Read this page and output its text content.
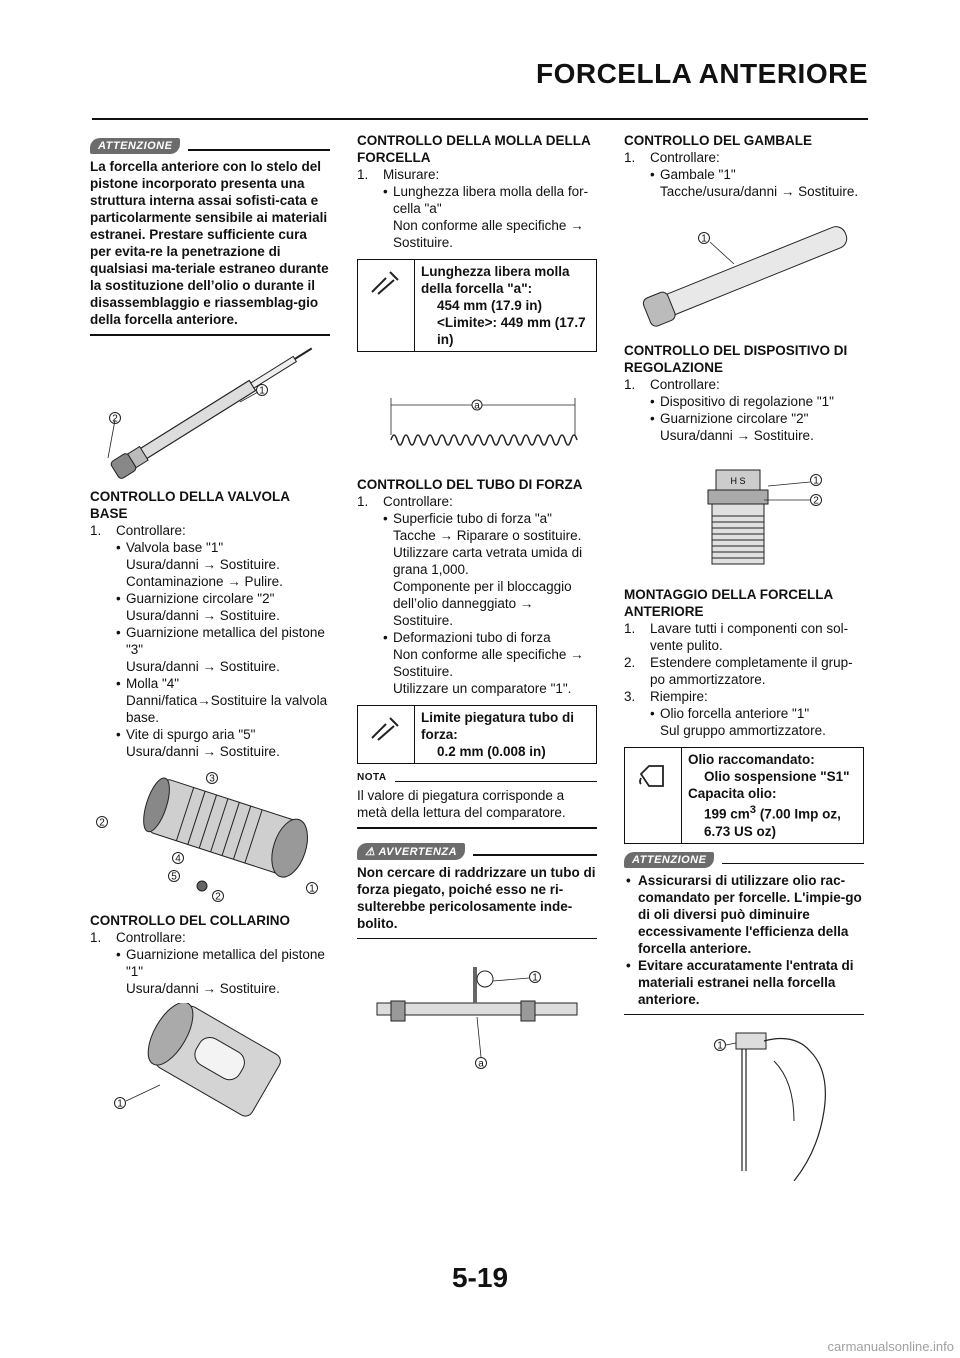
FORCELLA ANTERIORE
ATTENZIONE
La forcella anteriore con lo stelo del pistone incorporato presenta una struttura interna assai sofisti-cata e particolarmente sensibile ai materiali estranei. Prestare sufficiente cura per evita-re la penetrazione di qualsiasi ma-teriale estraneo durante la sostituzione dell’olio o durante il disassemblaggio e riassemblag-gio della forcella anteriore.
2
1
CONTROLLO DELLA VALVOLA BASE
1. Controllare:
• Valvola base "1"
Usura/danni → Sostituire.
Contaminazione → Pulire.
• Guarnizione circolare "2"
Usura/danni → Sostituire.
• Guarnizione metallica del pistone "3"
Usura/danni → Sostituire.
• Molla "4"
Danni/fatica→Sostituire la valvola base.
• Vite di spurgo aria "5"
Usura/danni → Sostituire.
2
3
4
5
2
1
CONTROLLO DEL COLLARINO
1. Controllare:
• Guarnizione metallica del pistone "1"
Usura/danni → Sostituire.
1
CONTROLLO DELLA MOLLA DELLA FORCELLA
1. Misurare:
• Lunghezza libera molla della for-cella "a"
Non conforme alle specifiche → Sostituire.
Lunghezza libera molla della forcella "a":
454 mm (17.9 in)
<Limite>: 449 mm (17.7 in)
a
CONTROLLO DEL TUBO DI FORZA
1. Controllare:
• Superficie tubo di forza "a"
Tacche → Riparare o sostituire.
Utilizzare carta vetrata umida di grana 1,000.
Componente per il bloccaggio dell’olio danneggiato → Sostituire.
• Deformazioni tubo di forza
Non conforme alle specifiche → Sostituire.
Utilizzare un comparatore "1".
Limite piegatura tubo di forza:
0.2 mm (0.008 in)
NOTA
Il valore di piegatura corrisponde a metà della lettura del comparatore.
⚠ AVVERTENZA
Non cercare di raddrizzare un tubo di forza piegato, poiché esso ne ri-sulterebbe pericolosamente inde-bolito.
1
a
CONTROLLO DEL GAMBALE
1. Controllare:
• Gambale "1"
Tacche/usura/danni → Sostituire.
1
CONTROLLO DEL DISPOSITIVO DI REGOLAZIONE
1. Controllare:
• Dispositivo di regolazione "1"
• Guarnizione circolare "2"
Usura/danni → Sostituire.
H S	1
2
MONTAGGIO DELLA FORCELLA ANTERIORE
1. Lavare tutti i componenti con sol-vente pulito.
2. Estendere completamente il grup-po ammortizzatore.
3. Riempire:
• Olio forcella anteriore "1"
Sul gruppo ammortizzatore.
Olio raccomandato:
Olio sospensione "S1"
Capacita olio:
199 $cm^3$ (7.00 Imp oz, 6.73 US oz)
ATTENZIONE
• Assicurarsi di utilizzare olio rac-comandato per forcelle. L'impie-go di oli diversi può diminuire eccessivamente l'efficienza della forcella anteriore.
• Evitare accuratamente l'entrata di materiali estranei nella forcella anteriore.
1
5-19
carmanualsonline.info
